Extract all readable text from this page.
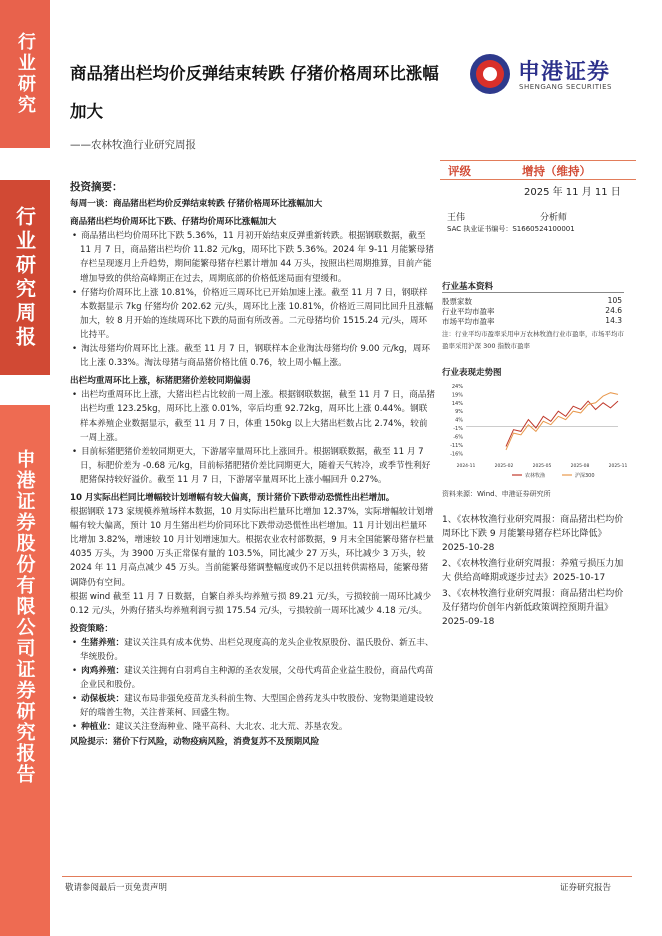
行业研究
行业研究周报
申港证券股份有限公司证券研究报告
商品猪出栏均价反弹结束转跌 仔猪价格周环比涨幅加大
——农林牧渔行业研究周报
申港证券
SHENGANG SECURITIES
评级	增持（维持）
2025 年 11 月 11 日
王伟	分析师
SAC 执业证书编号：S1660524100001
行业基本资料
股票家数	105
行业平均市盈率	24.6
市场平均市盈率	14.3
注：行业平均市盈率采用申万农林牧渔行业市盈率，市场平均市盈率采用沪深 300 指数市盈率
行业表现走势图
24%
19%
14%
9%
4%
-1%
-6%
-11%
-16%
2024-11	2025-02	2025-05	2025-08	2025-11
农林牧渔	沪深300
资料来源：Wind、申港证券研究所
1、《农林牧渔行业研究周报：商品猪出栏均价周环比下跌 9 月能繁母猪存栏环比降低》2025-10-28
2、《农林牧渔行业研究周报：养殖亏损压力加大 供给高峰期或逐步过去》2025-10-17
3、《农林牧渔行业研究周报：商品猪出栏均价及仔猪均价创年内新低政策调控预期升温》2025-09-18

投资摘要：

每周一谈：商品猪出栏均价反弹结束转跌 仔猪价格周环比涨幅加大

商品猪出栏均价周环比下跌、仔猪均价周环比涨幅加大

• 商品猪出栏均价周环比下跌 5.36%，11 月初开始结束反弹重新转跌。根据钢联数据，截至 11 月 7 日，商品猪出栏均价 11.82 元/kg，周环比下跌 5.36%。2024 年 9-11 月能繁母猪存栏呈现逐月上升趋势，期间能繁母猪存栏累计增加 44 万头，按照出栏周期推算，目前产能增加导致的供给高峰期正在过去，周期底部的价格低迷局面有望缓和。

• 仔猪均价周环比上涨 10.81%，价格近三周环比已开始加速上涨。截至 11 月 7 日，钢联样本数据显示 7kg 仔猪均价 202.62 元/头，周环比上涨 10.81%，价格近三周同比回升且涨幅加大，较 8 月开始的连续周环比下跌的局面有所改善。二元母猪均价 1515.24 元/头，周环比持平。

• 淘汰母猪均价周环比上涨。截至 11 月 7 日，钢联样本企业淘汰母猪均价 9.00 元/kg，周环比上涨 0.33%。淘汰母猪与商品猪价格比值 0.76，较上周小幅上涨。

出栏均重周环比上涨，标猪肥猪价差较同期偏弱

• 出栏均重周环比上涨，大猪出栏占比较前一周上涨。根据钢联数据，截至 11 月 7 日，商品猪出栏均重 123.25kg，周环比上涨 0.01%，宰后均重 92.72kg，周环比上涨 0.44%。钢联样本养殖企业数据显示，截至 11 月 7 日，体重 150kg 以上大猪出栏数占比 2.74%，较前一周上涨。

• 目前标猪肥猪价差较同期更大，下游屠宰量周环比上涨回升。根据钢联数据，截至 11 月 7 日，标肥价差为 -0.68 元/kg，目前标猪肥猪价差比同期更大，随着天气转冷，或季节性利好肥猪保持较好溢价。截至 11 月 7 日，下游屠宰量周环比上涨小幅回升 0.27%。

10 月实际出栏同比增幅较计划增幅有较大偏离，预计猪价下跌带动恐慌性出栏增加。

根据钢联 173 家规模养殖场样本数据，10 月实际出栏量环比增加 12.37%，实际增幅较计划增幅有较大偏离，预计 10 月生猪出栏均价同环比下跌带动恐慌性出栏增加。11 月计划出栏量环比增加 3.82%，增速较 10 月计划增速加大。根据农业农村部数据，9 月末全国能繁母猪存栏量 4035 万头，为 3900 万头正常保有量的 103.5%，同比减少 27 万头，环比减少 3 万头，较 2024 年 11 月高点减少 45 万头。当前能繁母猪调整幅度或仍不足以扭转供需格局，能繁母猪调降仍有空间。

根据 wind 截至 11 月 7 日数据，自繁自养头均养殖亏损 89.21 元/头，亏损较前一周环比减少 0.12 元/头，外购仔猪头均养殖利润亏损 175.54 元/头，亏损较前一周环比减少 4.18 元/头。

投资策略：

• 生猪养殖：建议关注具有成本优势、出栏兑现度高的龙头企业牧原股份、温氏股份、新五丰、华统股份。

• 肉鸡养殖：建议关注拥有白羽鸡自主种源的圣农发展，父母代鸡苗企业益生股份，商品代鸡苗企业民和股份。

• 动保板块：建议布局非强免疫苗龙头科前生物、大型国企兽药龙头中牧股份、宠物渠道建设较好的瑞普生物，关注普莱柯、回盛生物。

• 种植业：建议关注登海种业、隆平高科、大北农、北大荒、苏垦农发。

风险提示：猪价下行风险，动物疫病风险，消费复苏不及预期风险

敬请参阅最后一页免责声明	证券研究报告
